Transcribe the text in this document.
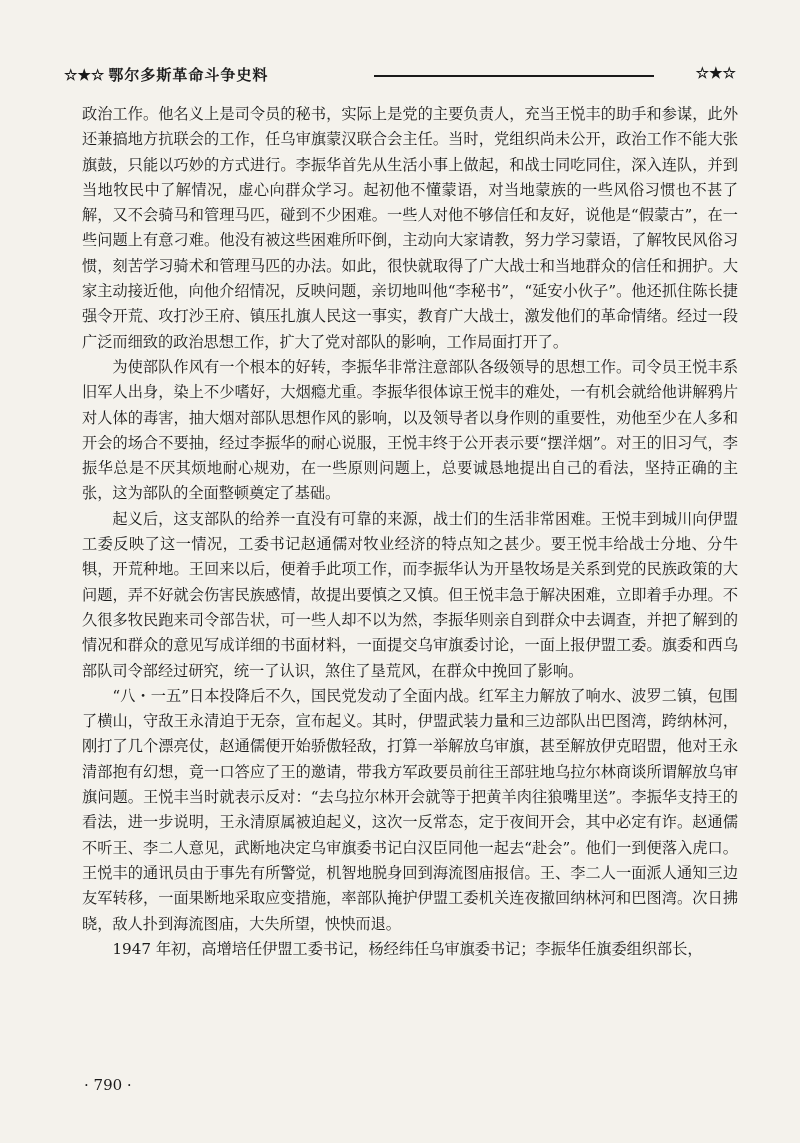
☆★☆ 鄂尔多斯革命斗争史料	☆★☆

政治工作。他名义上是司令员的秘书，实际上是党的主要负责人，充当王悦丰的助手和参谋，此外还兼搞地方抗联会的工作，任乌审旗蒙汉联合会主任。当时，党组织尚未公开，政治工作不能大张旗鼓，只能以巧妙的方式进行。李振华首先从生活小事上做起，和战士同吃同住，深入连队，并到当地牧民中了解情况，虚心向群众学习。起初他不懂蒙语，对当地蒙族的一些风俗习惯也不甚了解，又不会骑马和管理马匹，碰到不少困难。一些人对他不够信任和友好，说他是“假蒙古”，在一些问题上有意刁难。他没有被这些困难所吓倒，主动向大家请教，努力学习蒙语，了解牧民风俗习惯，刻苦学习骑术和管理马匹的办法。如此，很快就取得了广大战士和当地群众的信任和拥护。大家主动接近他，向他介绍情况，反映问题，亲切地叫他“李秘书”，“延安小伙子”。他还抓住陈长捷强令开荒、攻打沙王府、镇压扎旗人民这一事实，教育广大战士，激发他们的革命情绪。经过一段广泛而细致的政治思想工作，扩大了党对部队的影响，工作局面打开了。

为使部队作风有一个根本的好转，李振华非常注意部队各级领导的思想工作。司令员王悦丰系旧军人出身，染上不少嗜好，大烟瘾尤重。李振华很体谅王悦丰的难处，一有机会就给他讲解鸦片对人体的毒害，抽大烟对部队思想作风的影响，以及领导者以身作则的重要性，劝他至少在人多和开会的场合不要抽，经过李振华的耐心说服，王悦丰终于公开表示要“摆洋烟”。对王的旧习气，李振华总是不厌其烦地耐心规劝，在一些原则问题上，总要诚恳地提出自己的看法，坚持正确的主张，这为部队的全面整顿奠定了基础。

起义后，这支部队的给养一直没有可靠的来源，战士们的生活非常困难。王悦丰到城川向伊盟工委反映了这一情况，工委书记赵通儒对牧业经济的特点知之甚少。要王悦丰给战士分地、分牛犋，开荒种地。王回来以后，便着手此项工作，而李振华认为开垦牧场是关系到党的民族政策的大问题，弄不好就会伤害民族感情，故提出要慎之又慎。但王悦丰急于解决困难，立即着手办理。不久很多牧民跑来司令部告状，可一些人却不以为然，李振华则亲自到群众中去调查，并把了解到的情况和群众的意见写成详细的书面材料，一面提交乌审旗委讨论，一面上报伊盟工委。旗委和西乌部队司令部经过研究，统一了认识，煞住了垦荒风，在群众中挽回了影响。

“八・一五”日本投降后不久，国民党发动了全面内战。红军主力解放了响水、波罗二镇，包围了横山，守敌王永清迫于无奈，宣布起义。其时，伊盟武装力量和三边部队出巴图湾，跨纳林河，刚打了几个漂亮仗，赵通儒便开始骄傲轻敌，打算一举解放乌审旗，甚至解放伊克昭盟，他对王永清部抱有幻想，竟一口答应了王的邀请，带我方军政要员前往王部驻地乌拉尔林商谈所谓解放乌审旗问题。王悦丰当时就表示反对：“去乌拉尔林开会就等于把黄羊肉往狼嘴里送”。李振华支持王的看法，进一步说明，王永清原属被迫起义，这次一反常态，定于夜间开会，其中必定有诈。赵通儒不听王、李二人意见，武断地决定乌审旗委书记白汉臣同他一起去“赴会”。他们一到便落入虎口。王悦丰的通讯员由于事先有所警觉，机智地脱身回到海流图庙报信。王、李二人一面派人通知三边友军转移，一面果断地采取应变措施，率部队掩护伊盟工委机关连夜撤回纳林河和巴图湾。次日拂晓，敌人扑到海流图庙，大失所望，怏怏而退。

1947 年初，高增培任伊盟工委书记，杨经纬任乌审旗委书记；李振华任旗委组织部长，

· 790 ·
